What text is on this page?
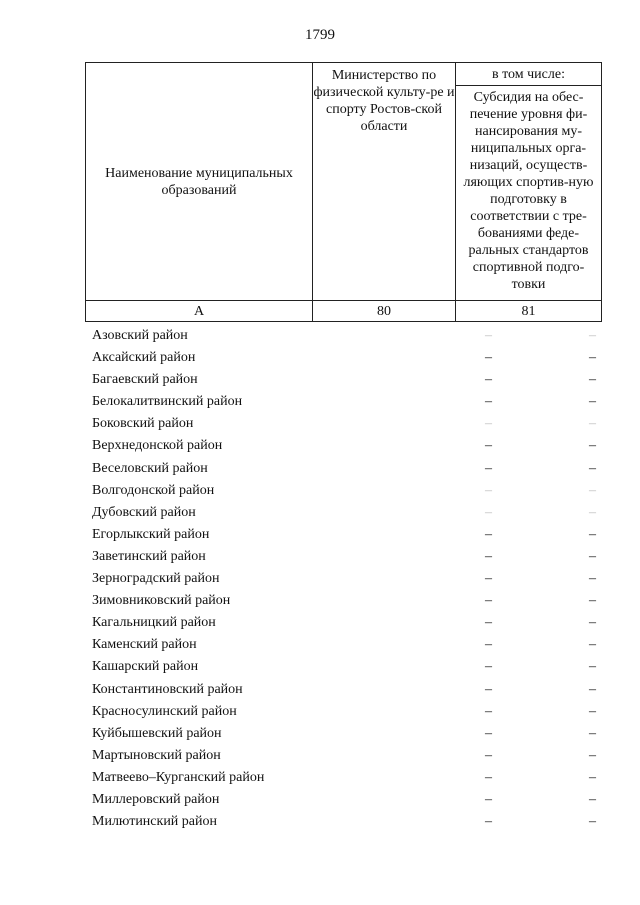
1799
Наименование муниципальных образований	Министерство по физической культу-ре и спорту Ростов-ской области	в том числе:
		Субсидия на обес-печение уровня фи-нансирования му-ниципальных орга-низаций, осуществ-ляющих спортив-ную подготовку в соответствии с тре-бованиями феде-ральных стандартов спортивной подго-товки
А	80	81
Азовский район	–	–
Аксайский район	–	–
Багаевский район	–	–
Белокалитвинский район	–	–
Боковский район	–	–
Верхнедонской район	–	–
Веселовский район	–	–
Волгодонской район	–	–
Дубовский район	–	–
Егорлыкский район	–	–
Заветинский район	–	–
Зерноградский район	–	–
Зимовниковский район	–	–
Кагальницкий район	–	–
Каменский район	–	–
Кашарский район	–	–
Константиновский район	–	–
Красносулинский район	–	–
Куйбышевский район	–	–
Мартыновский район	–	–
Матвеево–Курганский район	–	–
Миллеровский район	–	–
Милютинский район	–	–
